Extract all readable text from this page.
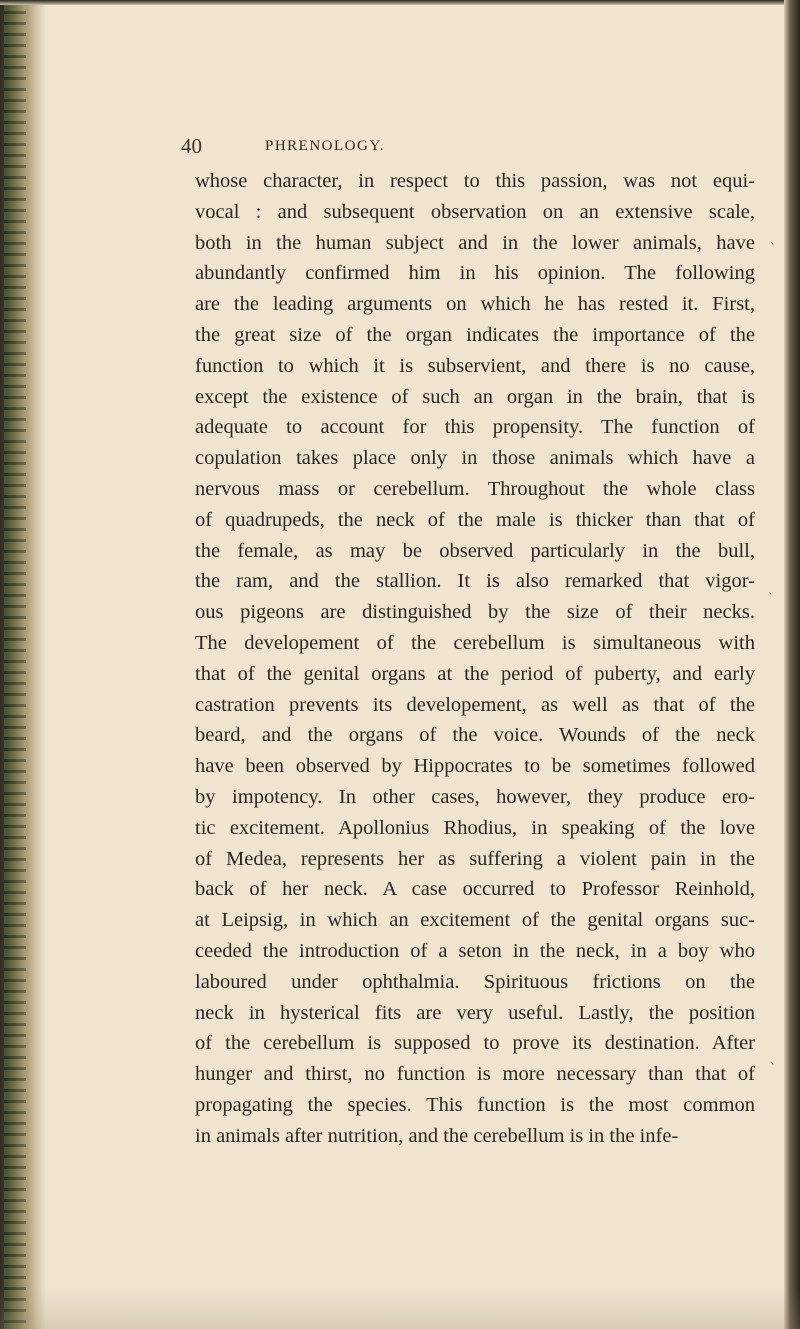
40	PHRENOLOGY.
whose character, in respect to this passion, was not equi-
vocal : and subsequent observation on an extensive scale,
both in the human subject and in the lower animals, have
abundantly confirmed him in his opinion. The following
are the leading arguments on which he has rested it. First,
the great size of the organ indicates the importance of the
function to which it is subservient, and there is no cause,
except the existence of such an organ in the brain, that is
adequate to account for this propensity. The function of
copulation takes place only in those animals which have a
nervous mass or cerebellum. Throughout the whole class
of quadrupeds, the neck of the male is thicker than that of
the female, as may be observed particularly in the bull,
the ram, and the stallion. It is also remarked that vigor-
ous pigeons are distinguished by the size of their necks.
The developement of the cerebellum is simultaneous with
that of the genital organs at the period of puberty, and early
castration prevents its developement, as well as that of the
beard, and the organs of the voice. Wounds of the neck
have been observed by Hippocrates to be sometimes followed
by impotency. In other cases, however, they produce ero-
tic excitement. Apollonius Rhodius, in speaking of the love
of Medea, represents her as suffering a violent pain in the
back of her neck. A case occurred to Professor Reinhold,
at Leipsig, in which an excitement of the genital organs suc-
ceeded the introduction of a seton in the neck, in a boy who
laboured under ophthalmia. Spirituous frictions on the
neck in hysterical fits are very useful. Lastly, the position
of the cerebellum is supposed to prove its destination. After
hunger and thirst, no function is more necessary than that of
propagating the species. This function is the most common
in animals after nutrition, and the cerebellum is in the infe-
ˎ
ˎ
ˎ
